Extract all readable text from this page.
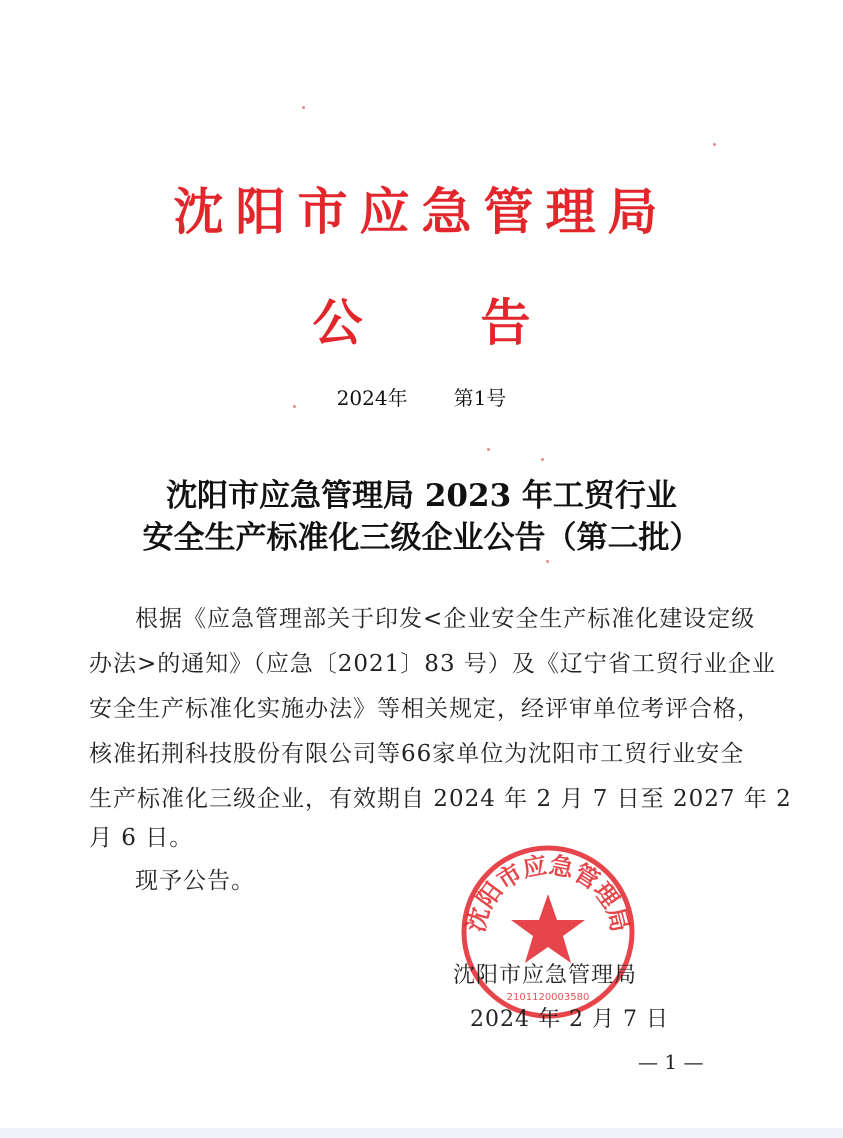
沈阳市应急管理局
公 告
2024年 第1号
沈阳市应急管理局 2023 年工贸行业
安全生产标准化三级企业公告（第二批）
根据《应急管理部关于印发<企业安全生产标准化建设定级
办法>的通知》（应急〔2021〕83 号）及《辽宁省工贸行业企业
安全生产标准化实施办法》等相关规定，经评审单位考评合格，
核准拓荆科技股份有限公司等66家单位为沈阳市工贸行业安全
生产标准化三级企业，有效期自 2024 年 2 月 7 日至 2027 年 2
月 6 日。
现予公告。
沈阳市应急管理局
2101120003580
沈阳市应急管理局
2024 年 2 月 7 日
— 1 —
